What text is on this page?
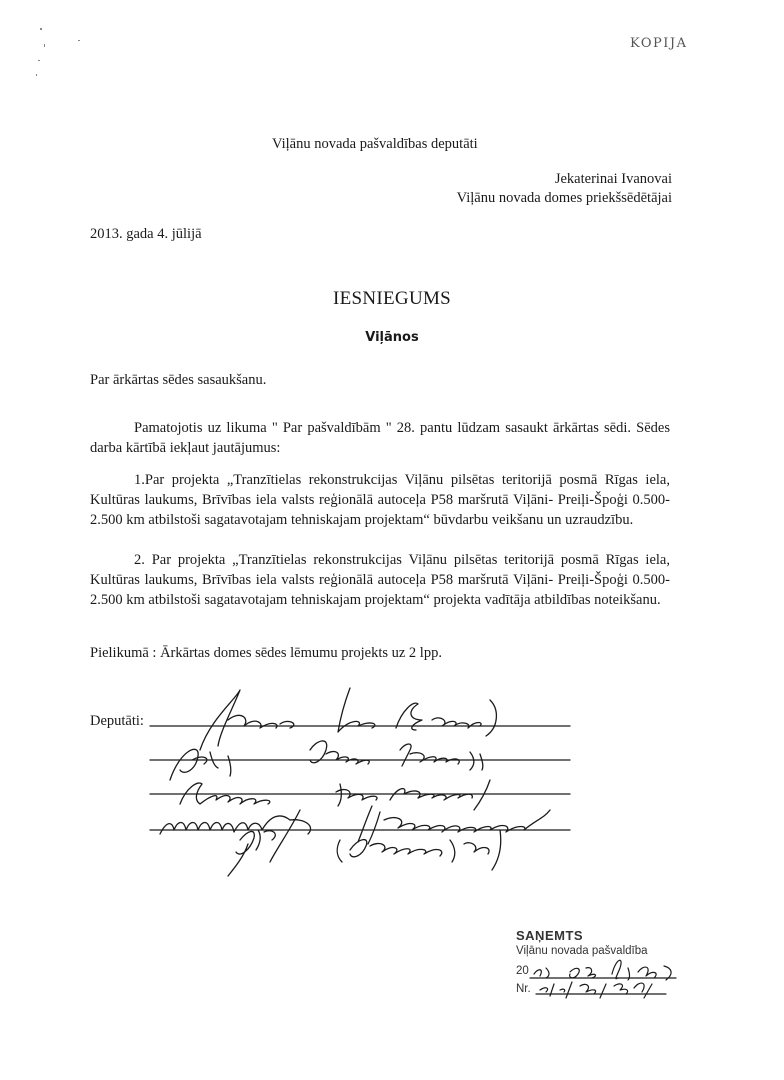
KOPIJA
Viļānu novada pašvaldības deputāti
Jekaterinai Ivanovai
Viļānu novada domes priekšsēdētājai
2013. gada 4. jūlijā
IESNIEGUMS
Viļānos
Par ārkārtas sēdes sasaukšanu.
Pamatojotis uz likuma " Par pašvaldībām " 28. pantu lūdzam sasaukt ārkārtas sēdi. Sēdes darba kārtībā iekļaut jautājumus:
1.Par projekta „Tranzītielas rekonstrukcijas Viļānu pilsētas teritorijā posmā Rīgas iela, Kultūras laukums, Brīvības iela valsts reģionālā autoceļa P58 maršrutā Viļāni- Preiļi-Špoģi 0.500-2.500 km atbilstoši sagatavotajam tehniskajam projektam“ būvdarbu veikšanu un uzraudzību.
2. Par projekta „Tranzītielas rekonstrukcijas Viļānu pilsētas teritorijā posmā Rīgas iela, Kultūras laukums, Brīvības iela valsts reģionālā autoceļa P58 maršrutā Viļāni- Preiļi-Špoģi 0.500-2.500 km atbilstoši sagatavotajam tehniskajam projektam“ projekta vadītāja atbildības noteikšanu.
Pielikumā : Ārkārtas domes sēdes lēmumu projekts uz 2 lpp.
Deputāti:
SAŅEMTS
Viļānu novada pašvaldība
20
Nr.
